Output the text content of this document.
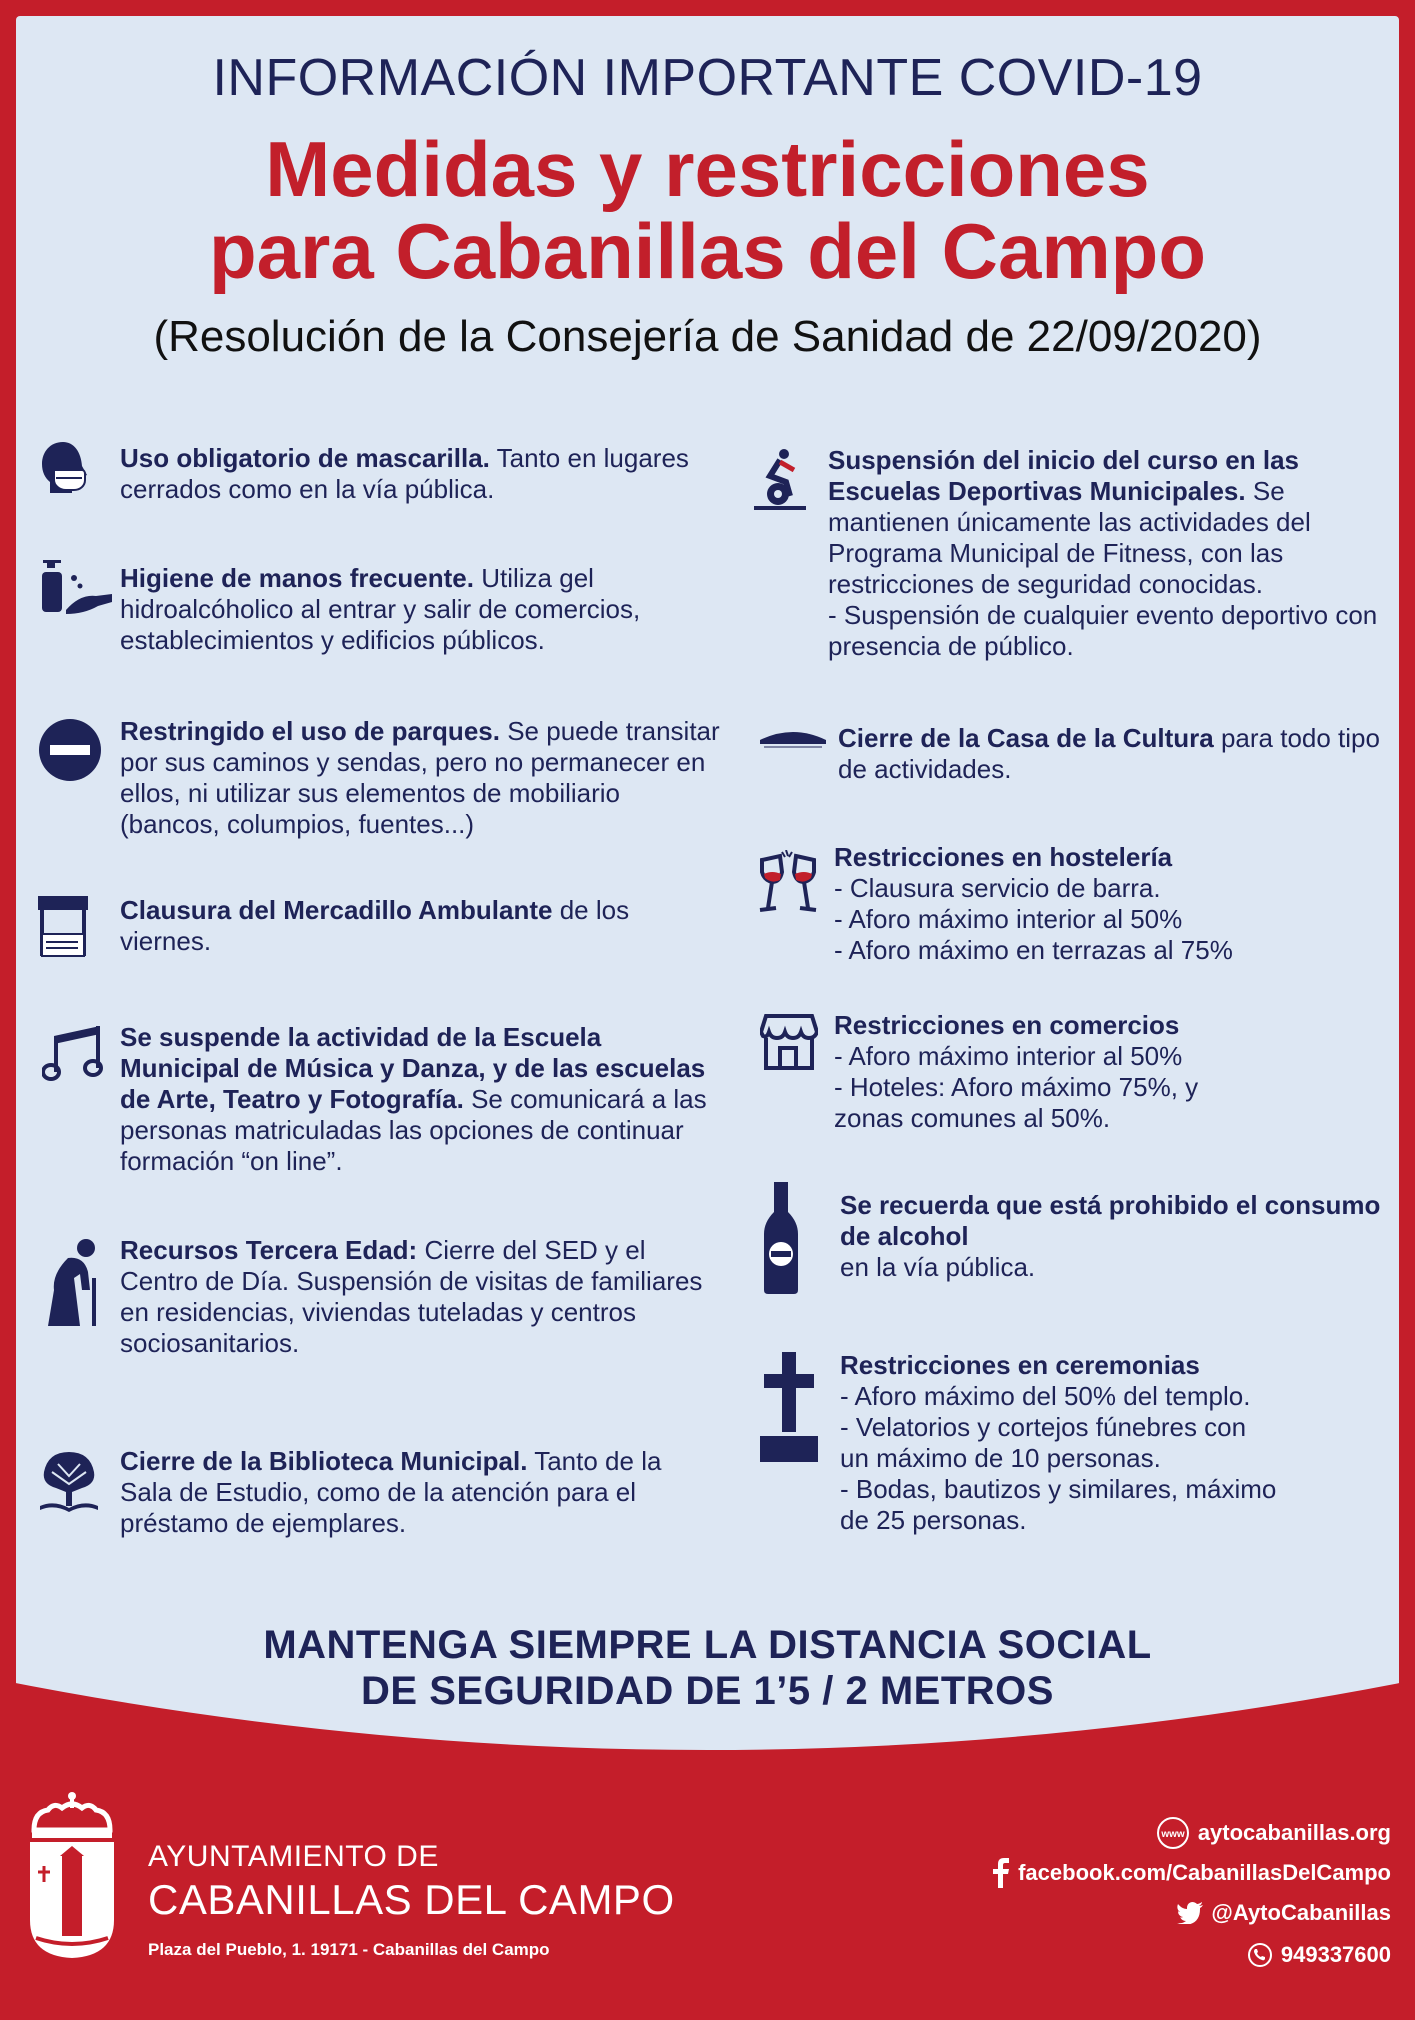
INFORMACIÓN IMPORTANTE COVID-19
Medidas y restricciones
para Cabanillas del Campo
(Resolución de la Consejería de Sanidad de 22/09/2020)
Uso obligatorio de mascarilla. Tanto en lugares cerrados como en la vía pública.
Higiene de manos frecuente. Utiliza gel hidroalcóholico al entrar y salir de comercios, establecimientos y edificios públicos.
Restringido el uso de parques. Se puede transitar por sus caminos y sendas, pero no permanecer en ellos, ni utilizar sus elementos de mobiliario (bancos, columpios, fuentes...)
Clausura del Mercadillo Ambulante de los viernes.
Se suspende la actividad de la Escuela Municipal de Música y Danza, y de las escuelas de Arte, Teatro y Fotografía. Se comunicará a las personas matriculadas las opciones de continuar formación “on line”.
Recursos Tercera Edad: Cierre del SED y el Centro de Día. Suspensión de visitas de familiares en residencias, viviendas tuteladas y centros sociosanitarios.
Cierre de la Biblioteca Municipal. Tanto de la Sala de Estudio, como de la atención para el préstamo de ejemplares.
Suspensión del inicio del curso en las Escuelas Deportivas Municipales. Se mantienen únicamente las actividades del Programa Municipal de Fitness, con las restricciones de seguridad conocidas.
- Suspensión de cualquier evento deportivo con presencia de público.
Cierre de la Casa de la Cultura para todo tipo de actividades.
Restricciones en hostelería
- Clausura servicio de barra.
- Aforo máximo interior al 50%
- Aforo máximo en terrazas al 75%
Restricciones en comercios
- Aforo máximo interior al 50%
- Hoteles: Aforo máximo 75%, y
zonas comunes al 50%.
Se recuerda que está prohibido el consumo de alcohol
en la vía pública.
Restricciones en ceremonias
- Aforo máximo del 50% del templo.
- Velatorios y cortejos fúnebres con
un máximo de 10 personas.
- Bodas, bautizos y similares, máximo
de 25 personas.
MANTENGA SIEMPRE LA DISTANCIA SOCIAL
DE SEGURIDAD DE 1’5 / 2 METROS
AYUNTAMIENTO DE
CABANILLAS DEL CAMPO
Plaza del Pueblo, 1. 19171 - Cabanillas del Campo
www aytocabanillas.org
facebook.com/CabanillasDelCampo
@AytoCabanillas
949337600
